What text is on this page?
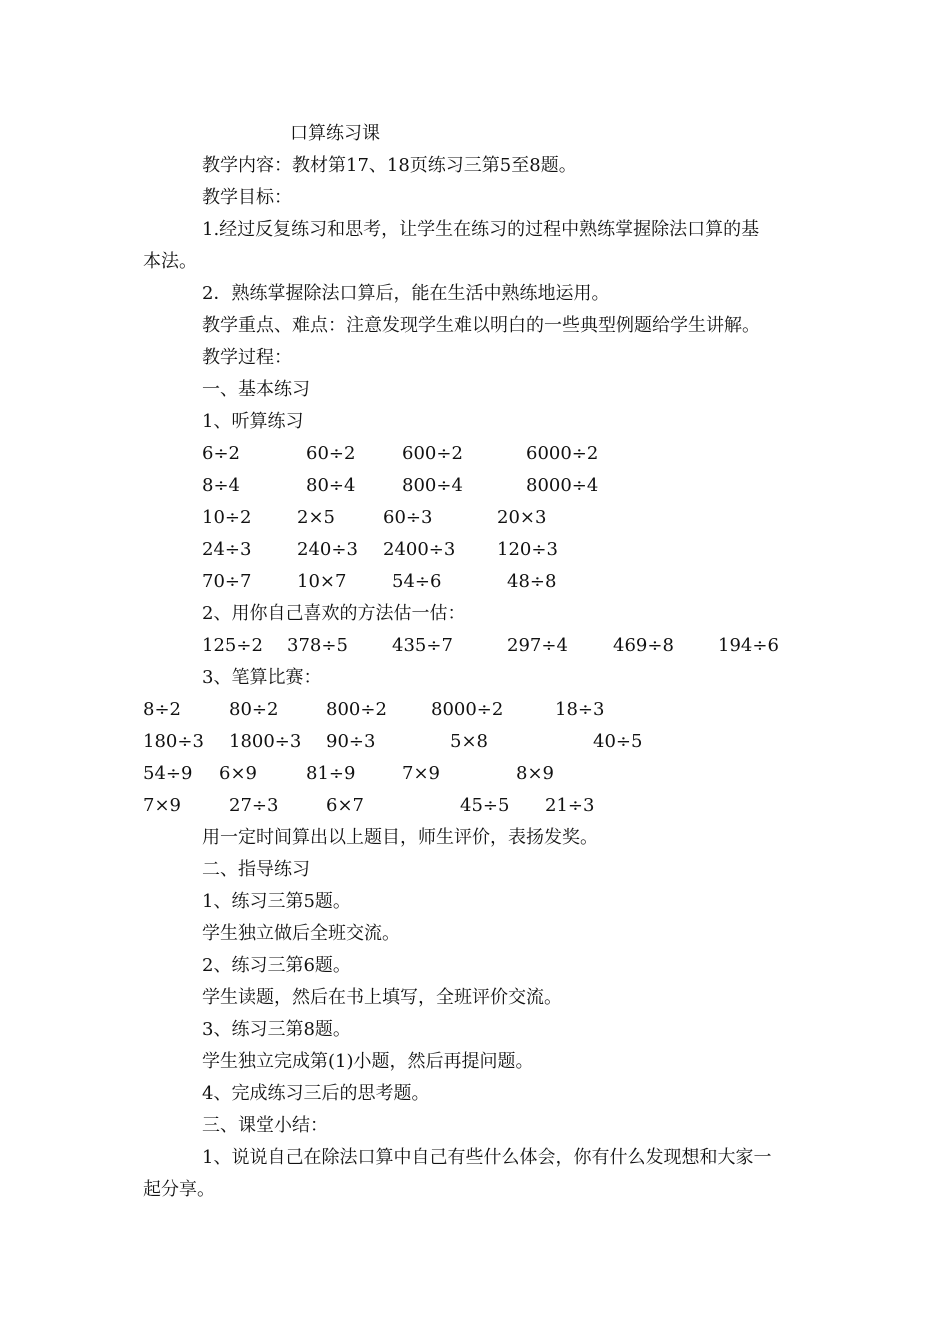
口算练习课
教学内容：教材第17、18页练习三第5至8题。
教学目标：
1.经过反复练习和思考，让学生在练习的过程中熟练掌握除法口算的基
本法。
2．熟练掌握除法口算后，能在生活中熟练地运用。
教学重点、难点：注意发现学生难以明白的一些典型例题给学生讲解。
教学过程：
一、基本练习
1、听算练习
6÷2	60÷2	600÷2	6000÷2
8÷4	80÷4	800÷4	8000÷4
10÷2	2×5	60÷3	20×3
24÷3	240÷3 2400÷3 120÷3
70÷7	10×7	54÷6	48÷8
2、用你自己喜欢的方法估一估：
125÷2 378÷5 435÷7	297÷4	469÷8 194÷6
3、笔算比赛：
8÷2	80÷2	800÷2 8000÷2	18÷3
180÷3 1800÷3 90÷3	5×8	40÷5
54÷9 6×9	81÷9	7×9	8×9
7×9	27÷3	6×7	45÷5 21÷3
用一定时间算出以上题目，师生评价，表扬发奖。
二、指导练习
1、练习三第5题。
学生独立做后全班交流。
2、练习三第6题。
学生读题，然后在书上填写，全班评价交流。
3、练习三第8题。
学生独立完成第(1)小题，然后再提问题。
4、完成练习三后的思考题。
三、课堂小结：
1、说说自己在除法口算中自己有些什么体会，你有什么发现想和大家一
起分享。
